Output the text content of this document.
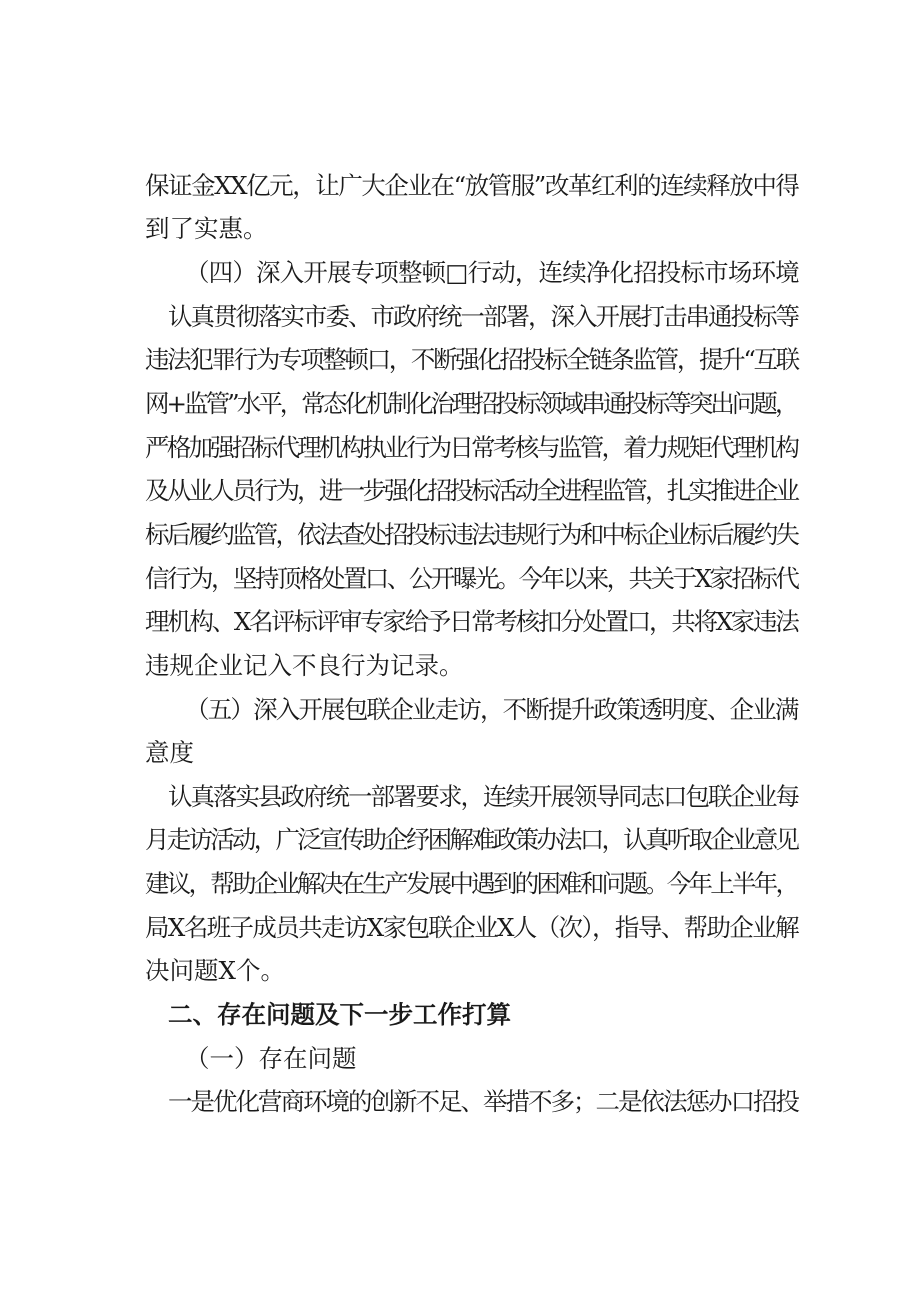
保证金XX亿元，让广大企业在“放管服”改革红利的连续释放中得
到了实惠。
（四）深入开展专项整顿□行动，连续净化招投标市场环境
认真贯彻落实市委、市政府统一部署，深入开展打击串通投标等
违法犯罪行为专项整顿口，不断强化招投标全链条监管，提升“互联
网+监管”水平，常态化机制化治理招投标领域串通投标等突出问题，
严格加强招标代理机构执业行为日常考核与监管，着力规矩代理机构
及从业人员行为，进一步强化招投标活动全进程监管，扎实推进企业
标后履约监管，依法查处招投标违法违规行为和中标企业标后履约失
信行为，坚持顶格处置口、公开曝光。今年以来，共关于X家招标代
理机构、X名评标评审专家给予日常考核扣分处置口，共将X家违法
违规企业记入不良行为记录。
（五）深入开展包联企业走访，不断提升政策透明度、企业满
意度
认真落实县政府统一部署要求，连续开展领导同志口包联企业每
月走访活动，广泛宣传助企纾困解难政策办法口，认真听取企业意见
建议，帮助企业解决在生产发展中遇到的困难和问题。今年上半年，
局X名班子成员共走访X家包联企业X人（次），指导、帮助企业解
决问题X个。
二、存在问题及下一步工作打算
（一）存在问题
一是优化营商环境的创新不足、举措不多；二是依法惩办口招投
